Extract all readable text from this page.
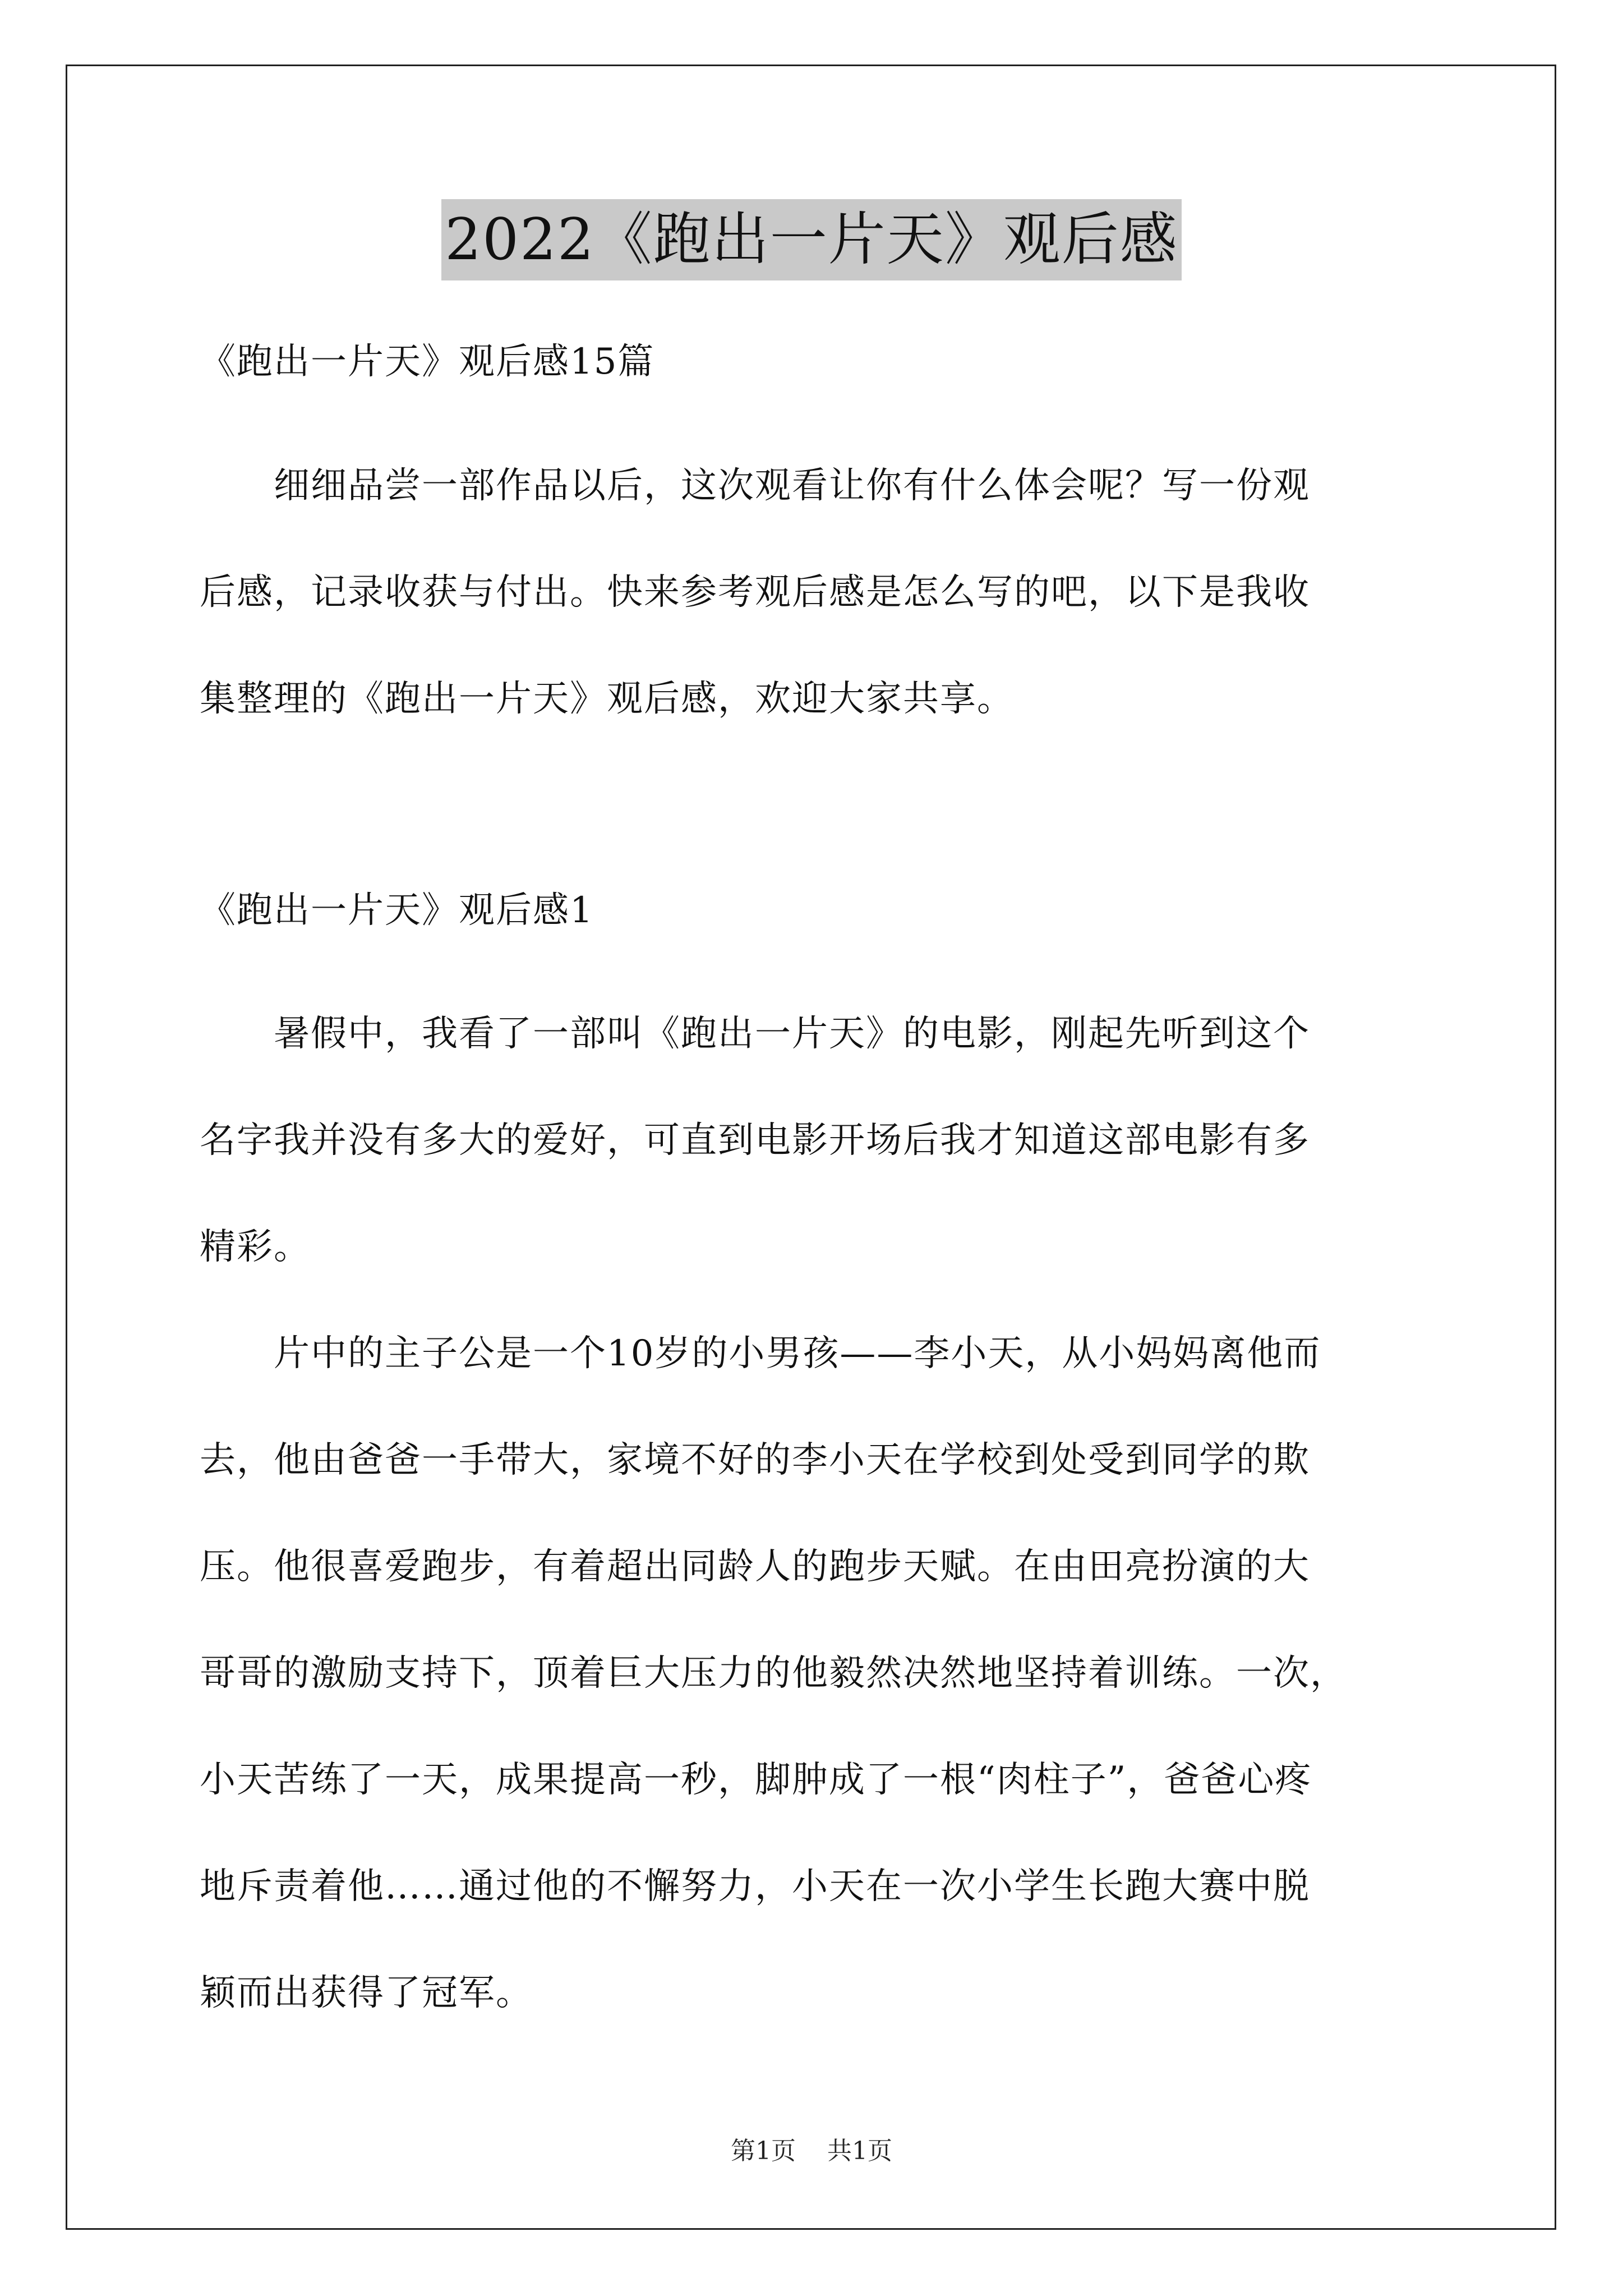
2022《跑出一片天》观后感
《跑出一片天》观后感15篇
　　细细品尝一部作品以后，这次观看让你有什么体会呢？写一份观
后感，记录收获与付出。快来参考观后感是怎么写的吧，以下是我收
集整理的《跑出一片天》观后感，欢迎大家共享。
《跑出一片天》观后感1
　　暑假中，我看了一部叫《跑出一片天》的电影，刚起先听到这个
名字我并没有多大的爱好，可直到电影开场后我才知道这部电影有多
精彩。
　　片中的主子公是一个10岁的小男孩——李小天，从小妈妈离他而
去，他由爸爸一手带大，家境不好的李小天在学校到处受到同学的欺
压。他很喜爱跑步，有着超出同龄人的跑步天赋。在由田亮扮演的大
哥哥的激励支持下，顶着巨大压力的他毅然决然地坚持着训练。一次，
小天苦练了一天，成果提高一秒，脚肿成了一根“肉柱子”，爸爸心疼
地斥责着他……通过他的不懈努力，小天在一次小学生长跑大赛中脱
颖而出获得了冠军。
第1页 共1页
